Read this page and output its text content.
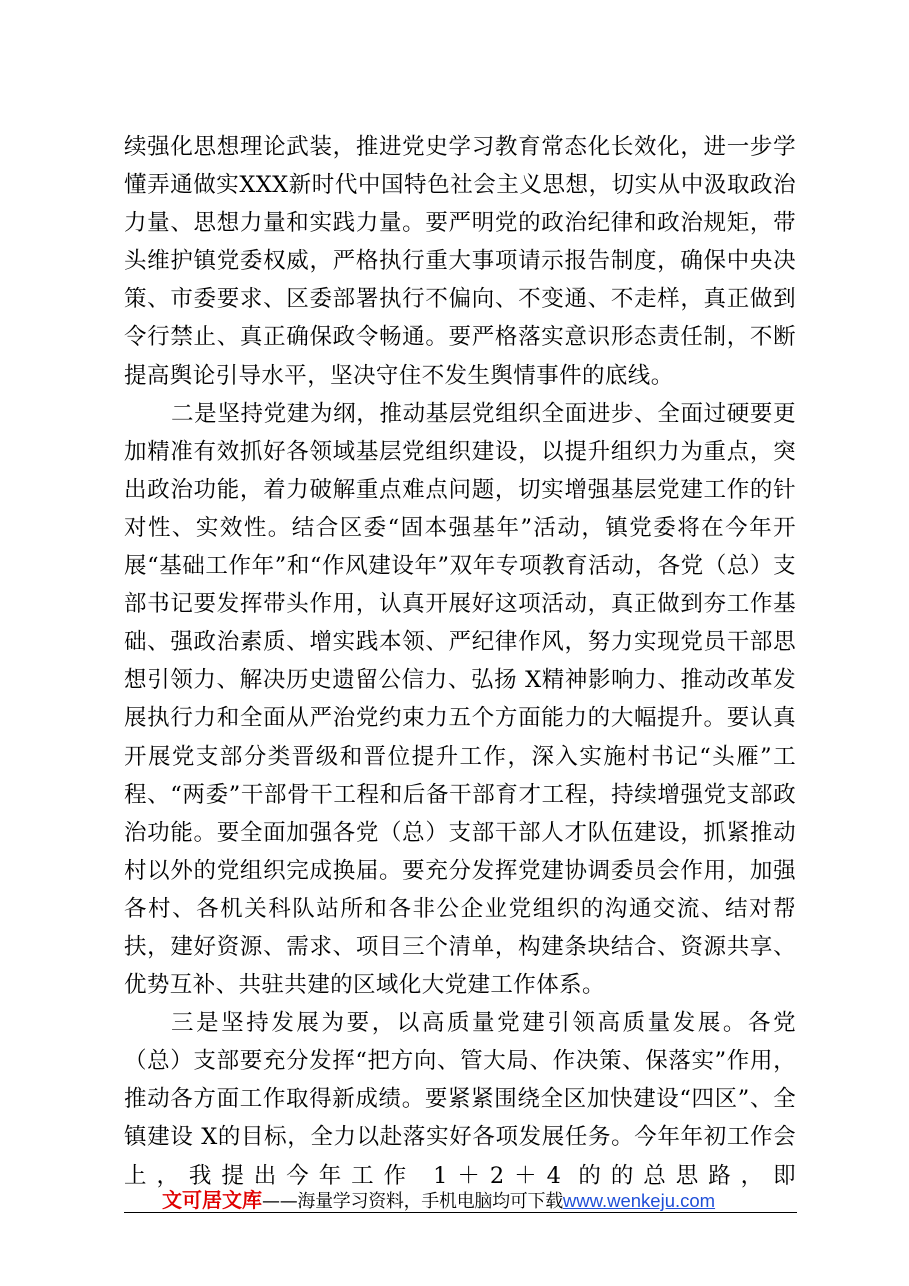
续强化思想理论武装，推进党史学习教育常态化长效化，进一步学懂弄通做实XXX新时代中国特色社会主义思想，切实从中汲取政治力量、思想力量和实践力量。要严明党的政治纪律和政治规矩，带头维护镇党委权威，严格执行重大事项请示报告制度，确保中央决策、市委要求、区委部署执行不偏向、不变通、不走样，真正做到令行禁止、真正确保政令畅通。要严格落实意识形态责任制，不断提高舆论引导水平，坚决守住不发生舆情事件的底线。

二是坚持党建为纲，推动基层党组织全面进步、全面过硬要更加精准有效抓好各领域基层党组织建设，以提升组织力为重点，突出政治功能，着力破解重点难点问题，切实增强基层党建工作的针对性、实效性。结合区委“固本强基年”活动，镇党委将在今年开展“基础工作年”和“作风建设年”双年专项教育活动，各党（总）支部书记要发挥带头作用，认真开展好这项活动，真正做到夯工作基础、强政治素质、增实践本领、严纪律作风，努力实现党员干部思想引领力、解决历史遗留公信力、弘扬 X精神影响力、推动改革发展执行力和全面从严治党约束力五个方面能力的大幅提升。要认真开展党支部分类晋级和晋位提升工作，深入实施村书记“头雁”工程、“两委”干部骨干工程和后备干部育才工程，持续增强党支部政治功能。要全面加强各党（总）支部干部人才队伍建设，抓紧推动村以外的党组织完成换届。要充分发挥党建协调委员会作用，加强各村、各机关科队站所和各非公企业党组织的沟通交流、结对帮扶，建好资源、需求、项目三个清单，构建条块结合、资源共享、优势互补、共驻共建的区域化大党建工作体系。

三是坚持发展为要，以高质量党建引领高质量发展。各党（总）支部要充分发挥“把方向、管大局、作决策、保落实”作用，推动各方面工作取得新成绩。要紧紧围绕全区加快建设“四区”、全镇建设 X的目标，全力以赴落实好各项发展任务。今年年初工作会上，我提出今年工作 1＋2＋4 的的总思路，即

文可居文库——海量学习资料，手机电脑均可下载www.wenkeju.com
